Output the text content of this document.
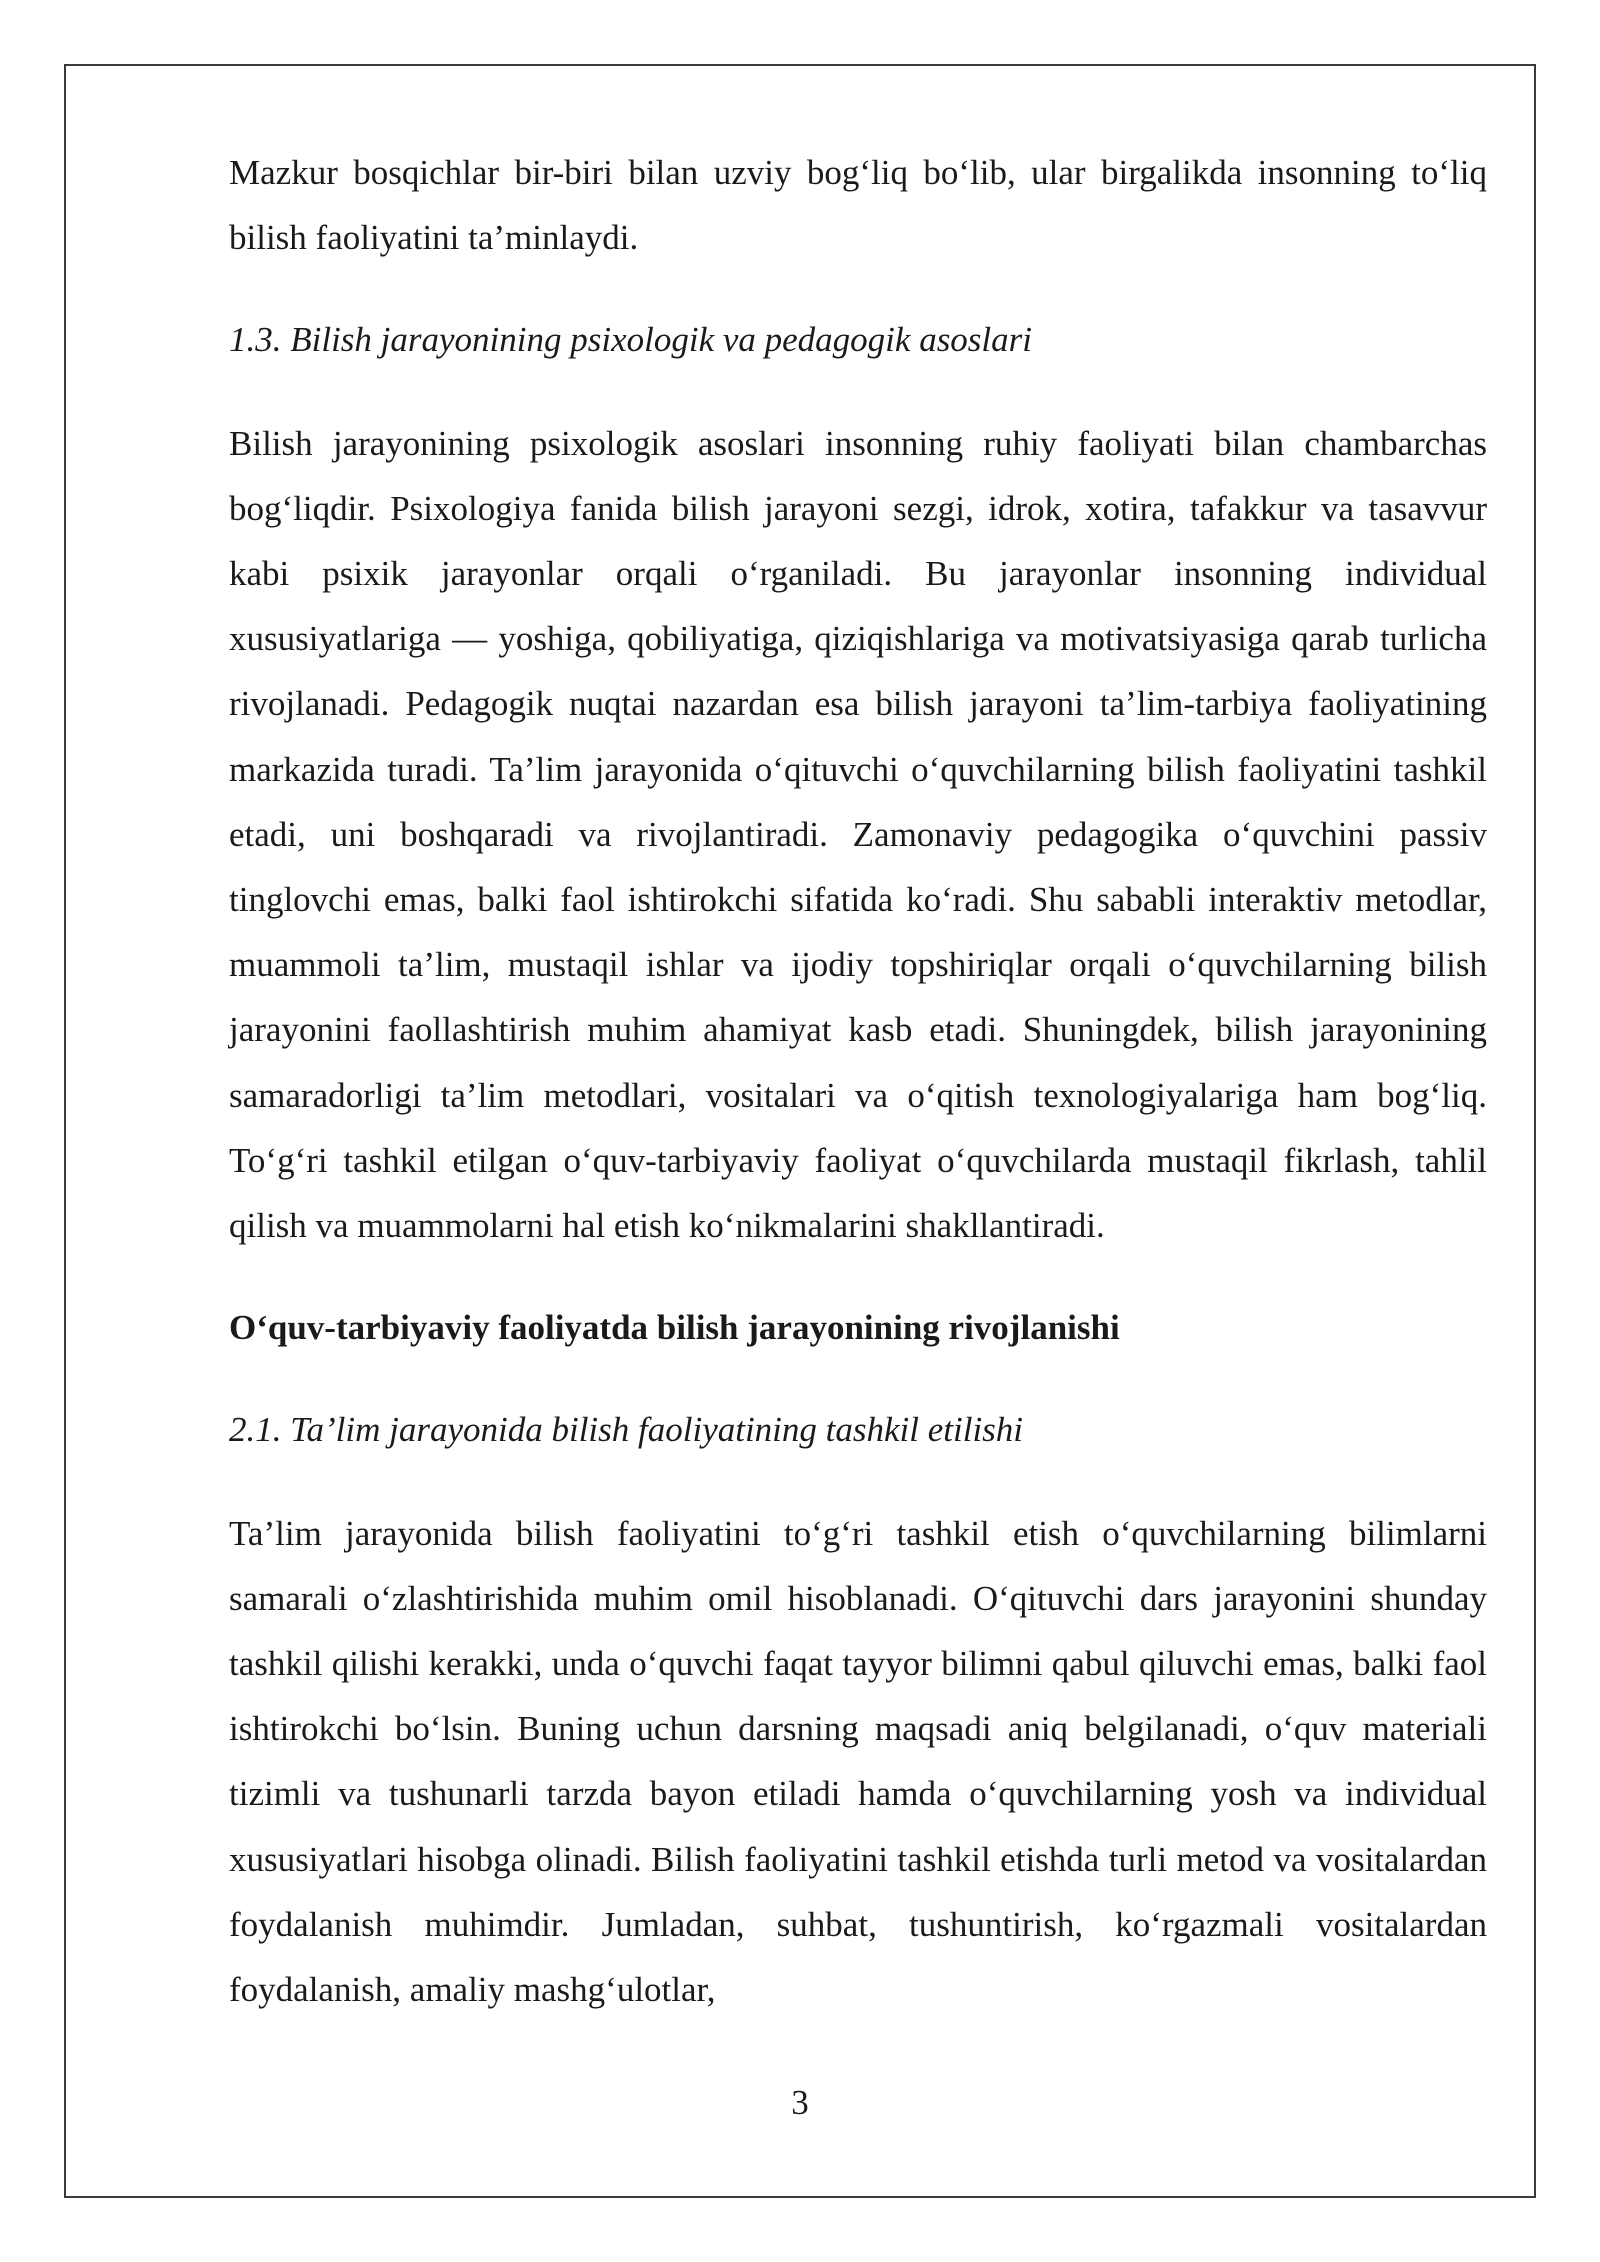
Mazkur bosqichlar bir-biri bilan uzviy bog‘liq bo‘lib, ular birgalikda insonning to‘liq bilish faoliyatini ta’minlaydi.

1.3. Bilish jarayonining psixologik va pedagogik asoslari

Bilish jarayonining psixologik asoslari insonning ruhiy faoliyati bilan chambarchas bog‘liqdir. Psixologiya fanida bilish jarayoni sezgi, idrok, xotira, tafakkur va tasavvur kabi psixik jarayonlar orqali o‘rganiladi. Bu jarayonlar insonning individual xususiyatlariga — yoshiga, qobiliyatiga, qiziqishlariga va motivatsiyasiga qarab turlicha rivojlanadi. Pedagogik nuqtai nazardan esa bilish jarayoni ta’lim-tarbiya faoliyatining markazida turadi. Ta’lim jarayonida o‘qituvchi o‘quvchilarning bilish faoliyatini tashkil etadi, uni boshqaradi va rivojlantiradi. Zamonaviy pedagogika o‘quvchini passiv tinglovchi emas, balki faol ishtirokchi sifatida ko‘radi. Shu sababli interaktiv metodlar, muammoli ta’lim, mustaqil ishlar va ijodiy topshiriqlar orqali o‘quvchilarning bilish jarayonini faollashtirish muhim ahamiyat kasb etadi. Shuningdek, bilish jarayonining samaradorligi ta’lim metodlari, vositalari va o‘qitish texnologiyalariga ham bog‘liq. To‘g‘ri tashkil etilgan o‘quv-tarbiyaviy faoliyat o‘quvchilarda mustaqil fikrlash, tahlil qilish va muammolarni hal etish ko‘nikmalarini shakllantiradi.

O‘quv-tarbiyaviy faoliyatda bilish jarayonining rivojlanishi

2.1. Ta’lim jarayonida bilish faoliyatining tashkil etilishi

Ta’lim jarayonida bilish faoliyatini to‘g‘ri tashkil etish o‘quvchilarning bilimlarni samarali o‘zlashtirishida muhim omil hisoblanadi. O‘qituvchi dars jarayonini shunday tashkil qilishi kerakki, unda o‘quvchi faqat tayyor bilimni qabul qiluvchi emas, balki faol ishtirokchi bo‘lsin. Buning uchun darsning maqsadi aniq belgilanadi, o‘quv materiali tizimli va tushunarli tarzda bayon etiladi hamda o‘quvchilarning yosh va individual xususiyatlari hisobga olinadi. Bilish faoliyatini tashkil etishda turli metod va vositalardan foydalanish muhimdir. Jumladan, suhbat, tushuntirish, ko‘rgazmali vositalardan foydalanish, amaliy mashg‘ulotlar,

3
